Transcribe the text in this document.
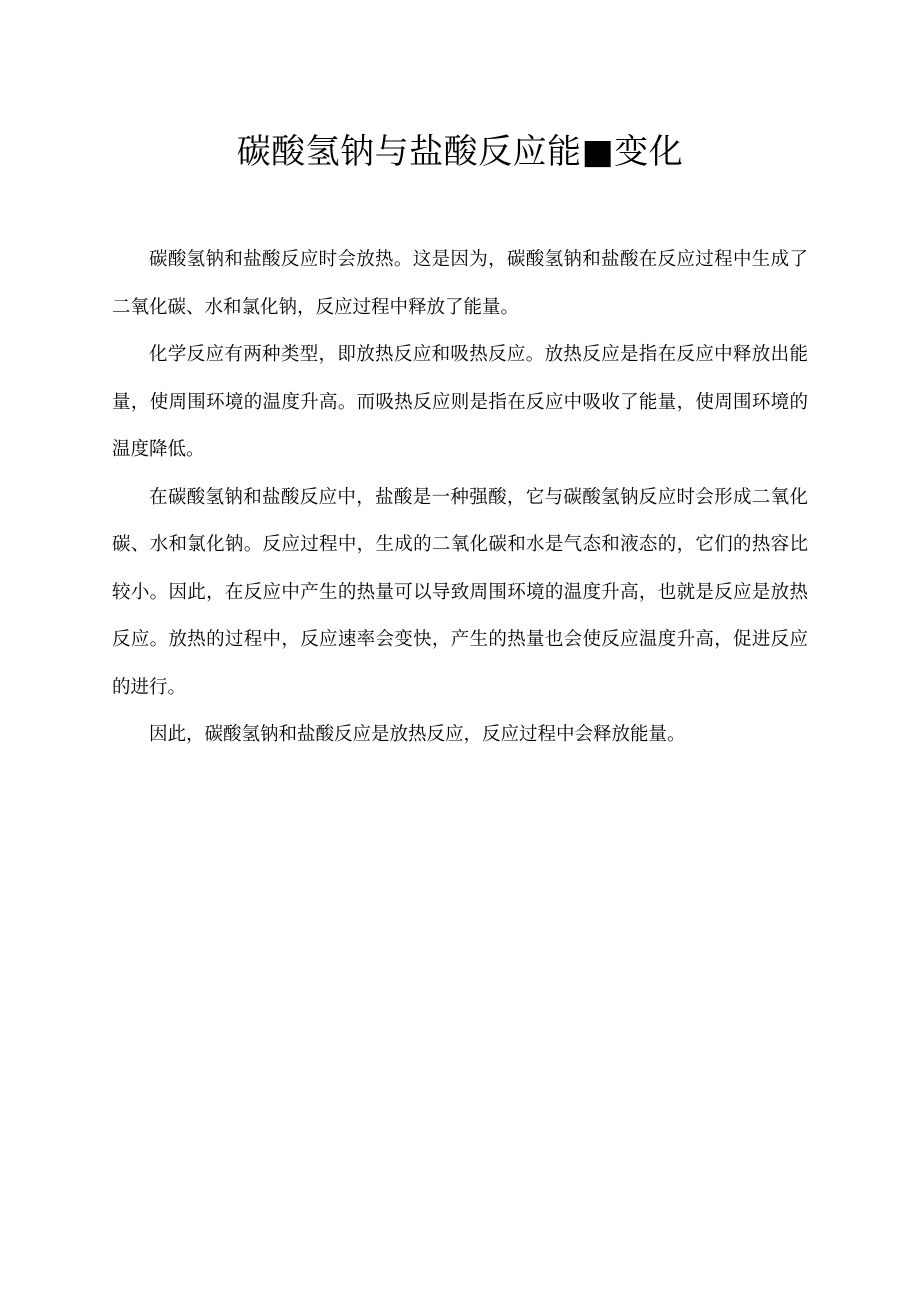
碳酸氢钠与盐酸反应能■变化

碳酸氢钠和盐酸反应时会放热。这是因为，碳酸氢钠和盐酸在反应过程中生成了二氧化碳、水和氯化钠，反应过程中释放了能量。

化学反应有两种类型，即放热反应和吸热反应。放热反应是指在反应中释放出能量，使周围环境的温度升高。而吸热反应则是指在反应中吸收了能量，使周围环境的温度降低。

在碳酸氢钠和盐酸反应中，盐酸是一种强酸，它与碳酸氢钠反应时会形成二氧化碳、水和氯化钠。反应过程中，生成的二氧化碳和水是气态和液态的，它们的热容比较小。因此，在反应中产生的热量可以导致周围环境的温度升高，也就是反应是放热反应。放热的过程中，反应速率会变快，产生的热量也会使反应温度升高，促进反应的进行。

因此，碳酸氢钠和盐酸反应是放热反应，反应过程中会释放能量。
